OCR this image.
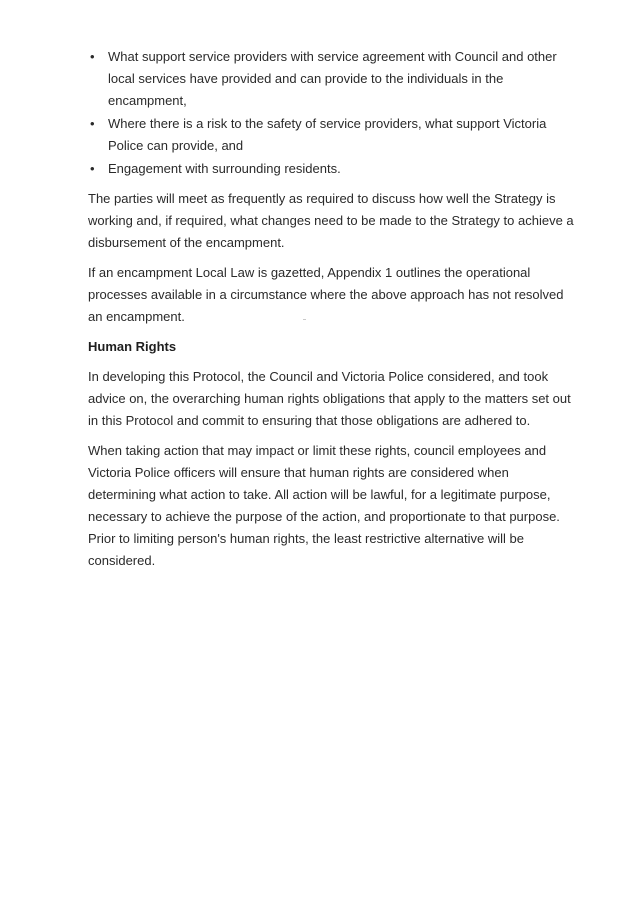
•	What support service providers with service agreement with Council and other local services have provided and can provide to the individuals in the encampment,
•	Where there is a risk to the safety of service providers, what support Victoria Police can provide, and
•	Engagement with surrounding residents.

The parties will meet as frequently as required to discuss how well the Strategy is working and, if required, what changes need to be made to the Strategy to achieve a disbursement of the encampment.

If an encampment Local Law is gazetted, Appendix 1 outlines the operational processes available in a circumstance where the above approach has not resolved an encampment.

Human Rights

In developing this Protocol, the Council and Victoria Police considered, and took advice on, the overarching human rights obligations that apply to the matters set out in this Protocol and commit to ensuring that those obligations are adhered to.

When taking action that may impact or limit these rights, council employees and Victoria Police officers will ensure that human rights are considered when determining what action to take. All action will be lawful, for a legitimate purpose, necessary to achieve the purpose of the action, and proportionate to that purpose. Prior to limiting person's human rights, the least restrictive alternative will be considered.
